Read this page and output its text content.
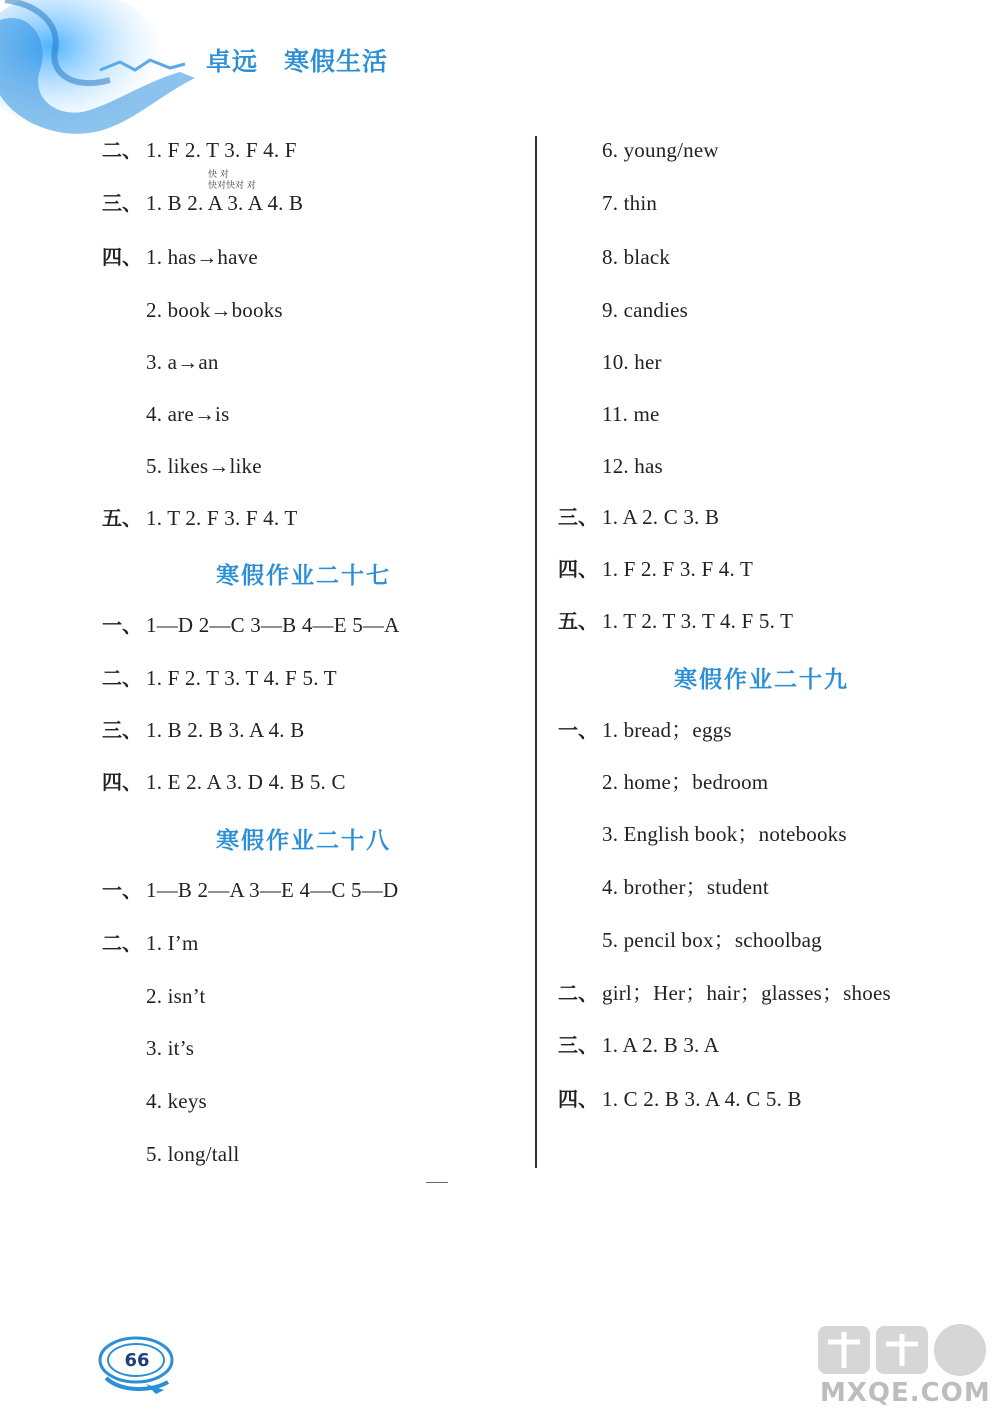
卓远 寒假生活
快 对
快对快对 对
二、 1. F 2. T 3. F 4. F
三、 1. B 2. A 3. A 4. B
四、 1. has→have
2. book→books
3. a→an
4. are→is
5. likes→like
五、 1. T 2. F 3. F 4. T
寒假作业二十七
一、 1—D 2—C 3—B 4—E 5—A
二、 1. F 2. T 3. T 4. F 5. T
三、 1. B 2. B 3. A 4. B
四、 1. E 2. A 3. D 4. B 5. C
寒假作业二十八
一、 1—B 2—A 3—E 4—C 5—D
二、 1. I’m
2. isn’t
3. it’s
4. keys
5. long/tall
6. young/new
7. thin
8. black
9. candies
10. her
11. me
12. has
三、 1. A 2. C 3. B
四、 1. F 2. F 3. F 4. T
五、 1. T 2. T 3. T 4. F 5. T
寒假作业二十九
一、 1. bread；eggs
2. home；bedroom
3. English book；notebooks
4. brother；student
5. pencil box；schoolbag
二、 girl；Her；hair；glasses；shoes
三、 1. A 2. B 3. A
四、 1. C 2. B 3. A 4. C 5. B
66
MXQE.COM
